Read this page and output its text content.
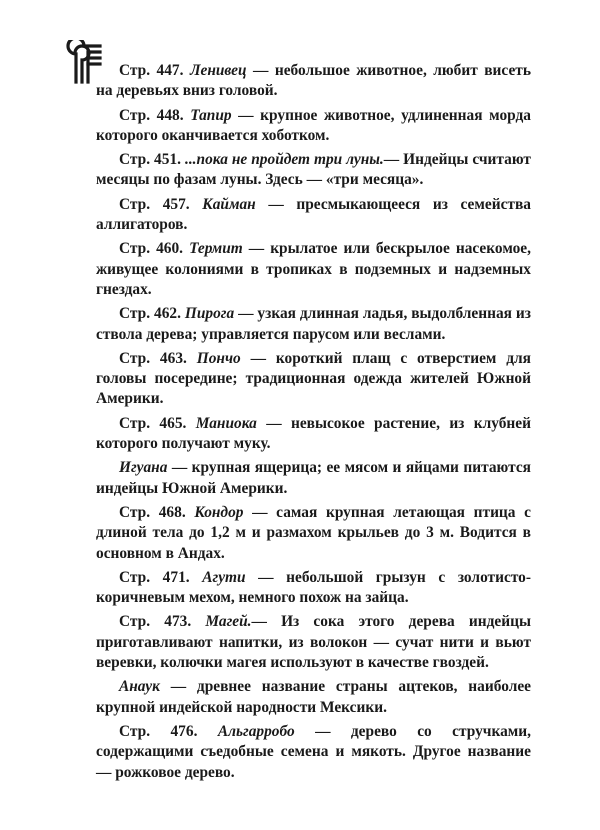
Стр. 447. Ленивец — небольшое животное, любит висеть на деревьях вниз головой.

Стр. 448. Тапир — крупное животное, удлиненная морда которого оканчивается хоботком.

Стр. 451. ...пока не пройдет три луны.— Индейцы считают месяцы по фазам луны. Здесь — «три месяца».

Стр. 457. Кайман — пресмыкающееся из семейства аллигаторов.

Стр. 460. Термит — крылатое или бескрылое насекомое, живущее колониями в тропиках в подземных и надземных гнездах.

Стр. 462. Пирога — узкая длинная ладья, выдолбленная из ствола дерева; управляется парусом или веслами.

Стр. 463. Пончо — короткий плащ с отверстием для головы посередине; традиционная одежда жителей Южной Америки.

Стр. 465. Маниока — невысокое растение, из клубней которого получают муку.

Игуана — крупная ящерица; ее мясом и яйцами питаются индейцы Южной Америки.

Стр. 468. Кондор — самая крупная летающая птица с длиной тела до 1,2 м и размахом крыльев до 3 м. Водится в основном в Андах.

Стр. 471. Агути — небольшой грызун с золотисто-коричневым мехом, немного похож на зайца.

Стр. 473. Магей.— Из сока этого дерева индейцы приготавливают напитки, из волокон — сучат нити и вьют веревки, колючки магея используют в качестве гвоздей.

Анаук — древнее название страны ацтеков, наиболее крупной индейской народности Мексики.

Стр. 476. Альгарробо — дерево со стручками, содержащими съедобные семена и мякоть. Другое название — рожковое дерево.
